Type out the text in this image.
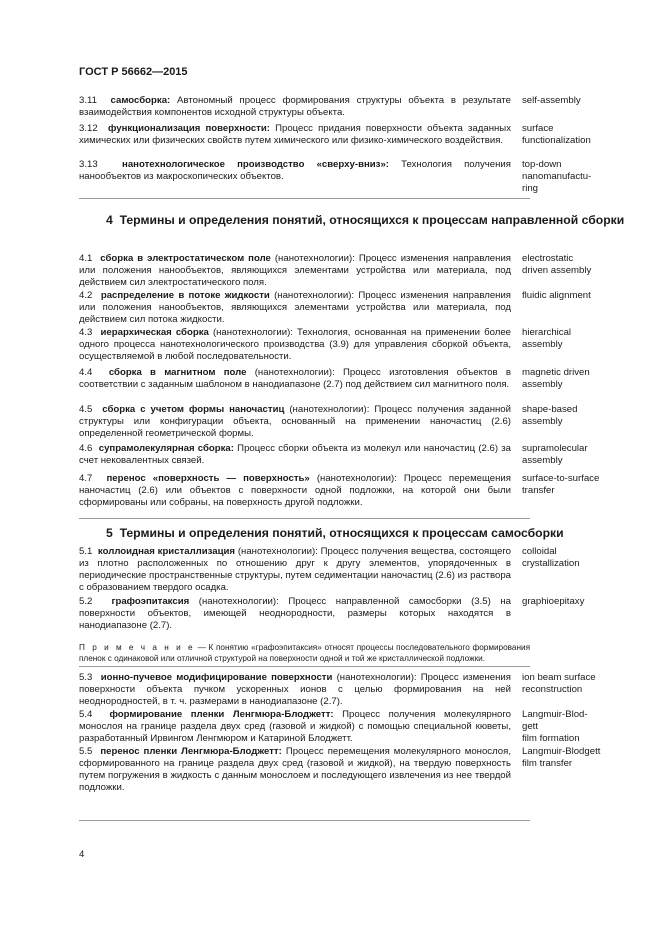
ГОСТ Р 56662—2015
3.11 самосборка: Автономный процесс формирования структуры объекта в результате взаимодействия компонентов исходной структуры объекта.
self-assembly
3.12 функционализация поверхности: Процесс придания поверхности объекта заданных химических или физических свойств путем химического или физико-химического воздействия.
surface
functionalization
3.13	нанотехнологическое производство «сверху-вниз»: Технология получения нанообъектов из макроскопических объектов.
top-down
nanomanufactu-
ring
4 Термины и определения понятий, относящихся к процессам направленной сборки
4.1 сборка в электростатическом поле (нанотехнологии): Процесс изменения направления или положения нанообъектов, являющихся элементами устройства или материала, под действием сил электростатического поля.
electrostatic
driven assembly
4.2 распределение в потоке жидкости (нанотехнологии): Процесс изменения направления или положения нанообъектов, являющихся элементами устройства или материала, под действием сил потока жидкости.
fluidic alignment
4.3 иерархическая сборка (нанотехнологии): Технология, основанная на применении более одного процесса нанотехнологического производства (3.9) для управления сборкой объекта, осуществляемой в любой последовательности.
hierarchical
assembly
4.4 сборка в магнитном поле (нанотехнологии): Процесс изготовления объектов в соответствии с заданным шаблоном в нанодиапазоне (2.7) под действием сил магнитного поля.
magnetic driven
assembly
4.5 сборка с учетом формы наночастиц (нанотехнологии): Процесс получения заданной структуры или конфигурации объекта, основанный на применении наночастиц (2.6) определенной геометрической формы.
shape-based
assembly
4.6 супрамолекулярная сборка: Процесс сборки объекта из молекул или наночастиц (2.6) за счет нековалентных связей.
supramolecular
assembly
4.7 перенос «поверхность — поверхность» (нанотехнологии): Процесс перемещения наночастиц (2.6) или объектов с поверхности одной подложки, на которой они были сформированы или собраны, на поверхность другой подложки.
surface-to-surface
transfer
5 Термины и определения понятий, относящихся к процессам самосборки
5.1 коллоидная кристаллизация (нанотехнологии): Процесс получения вещества, состоящего из плотно расположенных по отношению друг к другу элементов, упорядоченных в периодические пространственные структуры, путем седиментации наночастиц (2.6) из раствора с образованием твердого осадка.
colloidal
crystallization
5.2 графоэпитаксия (нанотехнологии): Процесс направленной самосборки (3.5) на поверхности объектов, имеющей неоднородности, размеры которых находятся в нанодиапазоне (2.7).
graphioepitaxy
П р и м е ч а н и е — К понятию «графоэпитаксия» относят процессы последовательного формирования пленок с одинаковой или отличной структурой на поверхности одной и той же кристаллической подложки.
5.3 ионно-пучевое модифицирование поверхности (нанотехнологии): Процесс изменения поверхности объекта пучком ускоренных ионов с целью формирования на ней неоднородностей, в т. ч. размерами в нанодиапазоне (2.7).
ion beam surface
reconstruction
5.4 формирование пленки Ленгмюра-Блоджетт: Процесс получения молекулярного монослоя на границе раздела двух сред (газовой и жидкой) с помощью специальной кюветы, разработанный Ирвингом Ленгмюром и Катариной Блоджетт.
Langmuir-Blod-
gett
film formation
5.5 перенос пленки Ленгмюра-Блоджетт: Процесс перемещения молекулярного монослоя, сформированного на границе раздела двух сред (газовой и жидкой), на твердую поверхность путем погружения в жидкость с данным монослоем и последующего извлечения из нее твердой подложки.
Langmuir-Blodgett
film transfer
4
